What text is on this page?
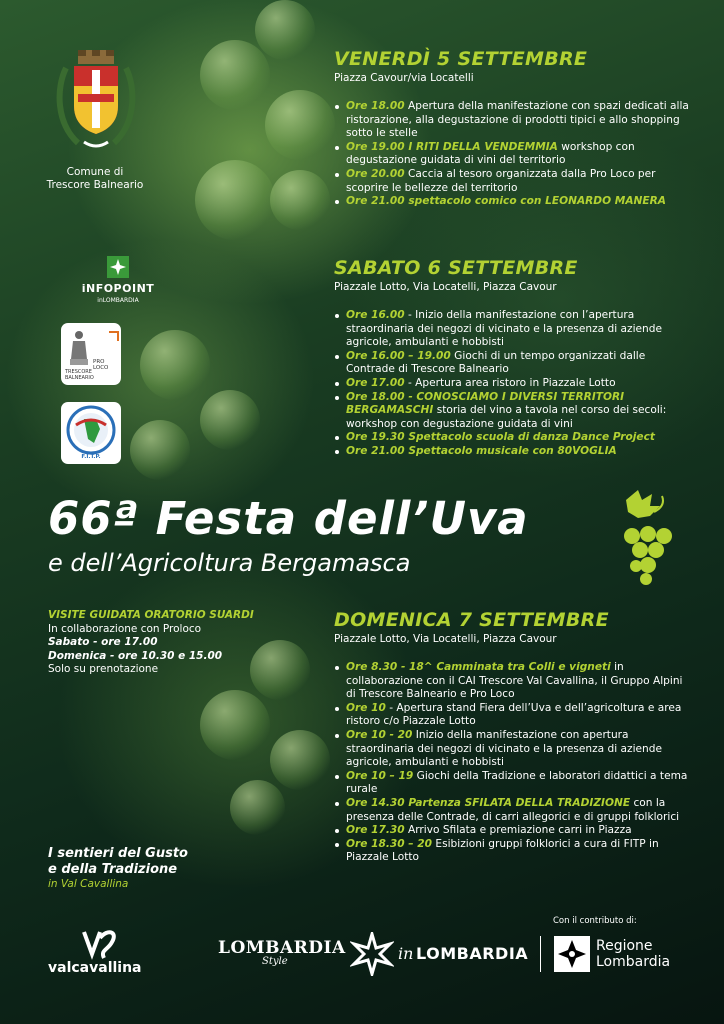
Comune di
Trescore Balneario
iNFOPOINT
inLOMBARDIA
PRO LOCO
TRESCORE BALNEARIO
F.I.T.P.
VENERDÌ 5 SETTEMBRE

Piazza Cavour/via Locatelli

Ore 18.00 Apertura della manifestazione con spazi dedicati alla ristorazione, alla degustazione di prodotti tipici e allo shopping sotto le stelle
Ore 19.00 I RITI DELLA VENDEMMIA workshop con degustazione guidata di vini del territorio
Ore 20.00 Caccia al tesoro organizzata dalla Pro Loco per scoprire le bellezze del territorio
Ore 21.00 spettacolo comico con LEONARDO MANERA
SABATO 6 SETTEMBRE

Piazzale Lotto, Via Locatelli, Piazza Cavour

Ore 16.00 - Inizio della manifestazione con l’apertura straordinaria dei negozi di vicinato e la presenza di aziende agricole, ambulanti e hobbisti
Ore 16.00 – 19.00 Giochi di un tempo organizzati dalle Contrade di Trescore Balneario
Ore 17.00 - Apertura area ristoro in Piazzale Lotto
Ore 18.00 - CONOSCIAMO I DIVERSI TERRITORI BERGAMASCHI storia del vino a tavola nel corso dei secoli: workshop con degustazione guidata di vini
Ore 19.30 Spettacolo scuola di danza Dance Project
Ore 21.00 Spettacolo musicale con 80VOGLIA
66ª Festa dell’Uva
e dell’Agricoltura Bergamasca
VISITE GUIDATA ORATORIO SUARDI
In collaborazione con Proloco
Sabato - ore 17.00
Domenica - ore 10.30 e 15.00
Solo su prenotazione
DOMENICA 7 SETTEMBRE

Piazzale Lotto, Via Locatelli, Piazza Cavour

Ore 8.30 - 18^ Camminata tra Colli e vigneti in collaborazione con il CAI Trescore Val Cavallina, il Gruppo Alpini di Trescore Balneario e Pro Loco
Ore 10 - Apertura stand Fiera dell’Uva e dell’agricoltura e area ristoro c/o Piazzale Lotto
Ore 10 - 20 Inizio della manifestazione con apertura straordinaria dei negozi di vicinato e la presenza di aziende agricole, ambulanti e hobbisti
Ore 10 – 19 Giochi della Tradizione e laboratori didattici a tema rurale
Ore 14.30 Partenza SFILATA DELLA TRADIZIONE con la presenza delle Contrade, di carri allegorici e di gruppi folklorici
Ore 17.30 Arrivo Sfilata e premiazione carri in Piazza
Ore 18.30 – 20 Esibizioni gruppi folklorici a cura di FITP in Piazzale Lotto
I sentieri del Gusto
e della Tradizione
in Val Cavallina
valcavallina
LOMBARDIA
Style	in LOMBARDIA
Con il contributo di:
Regione
Lombardia
